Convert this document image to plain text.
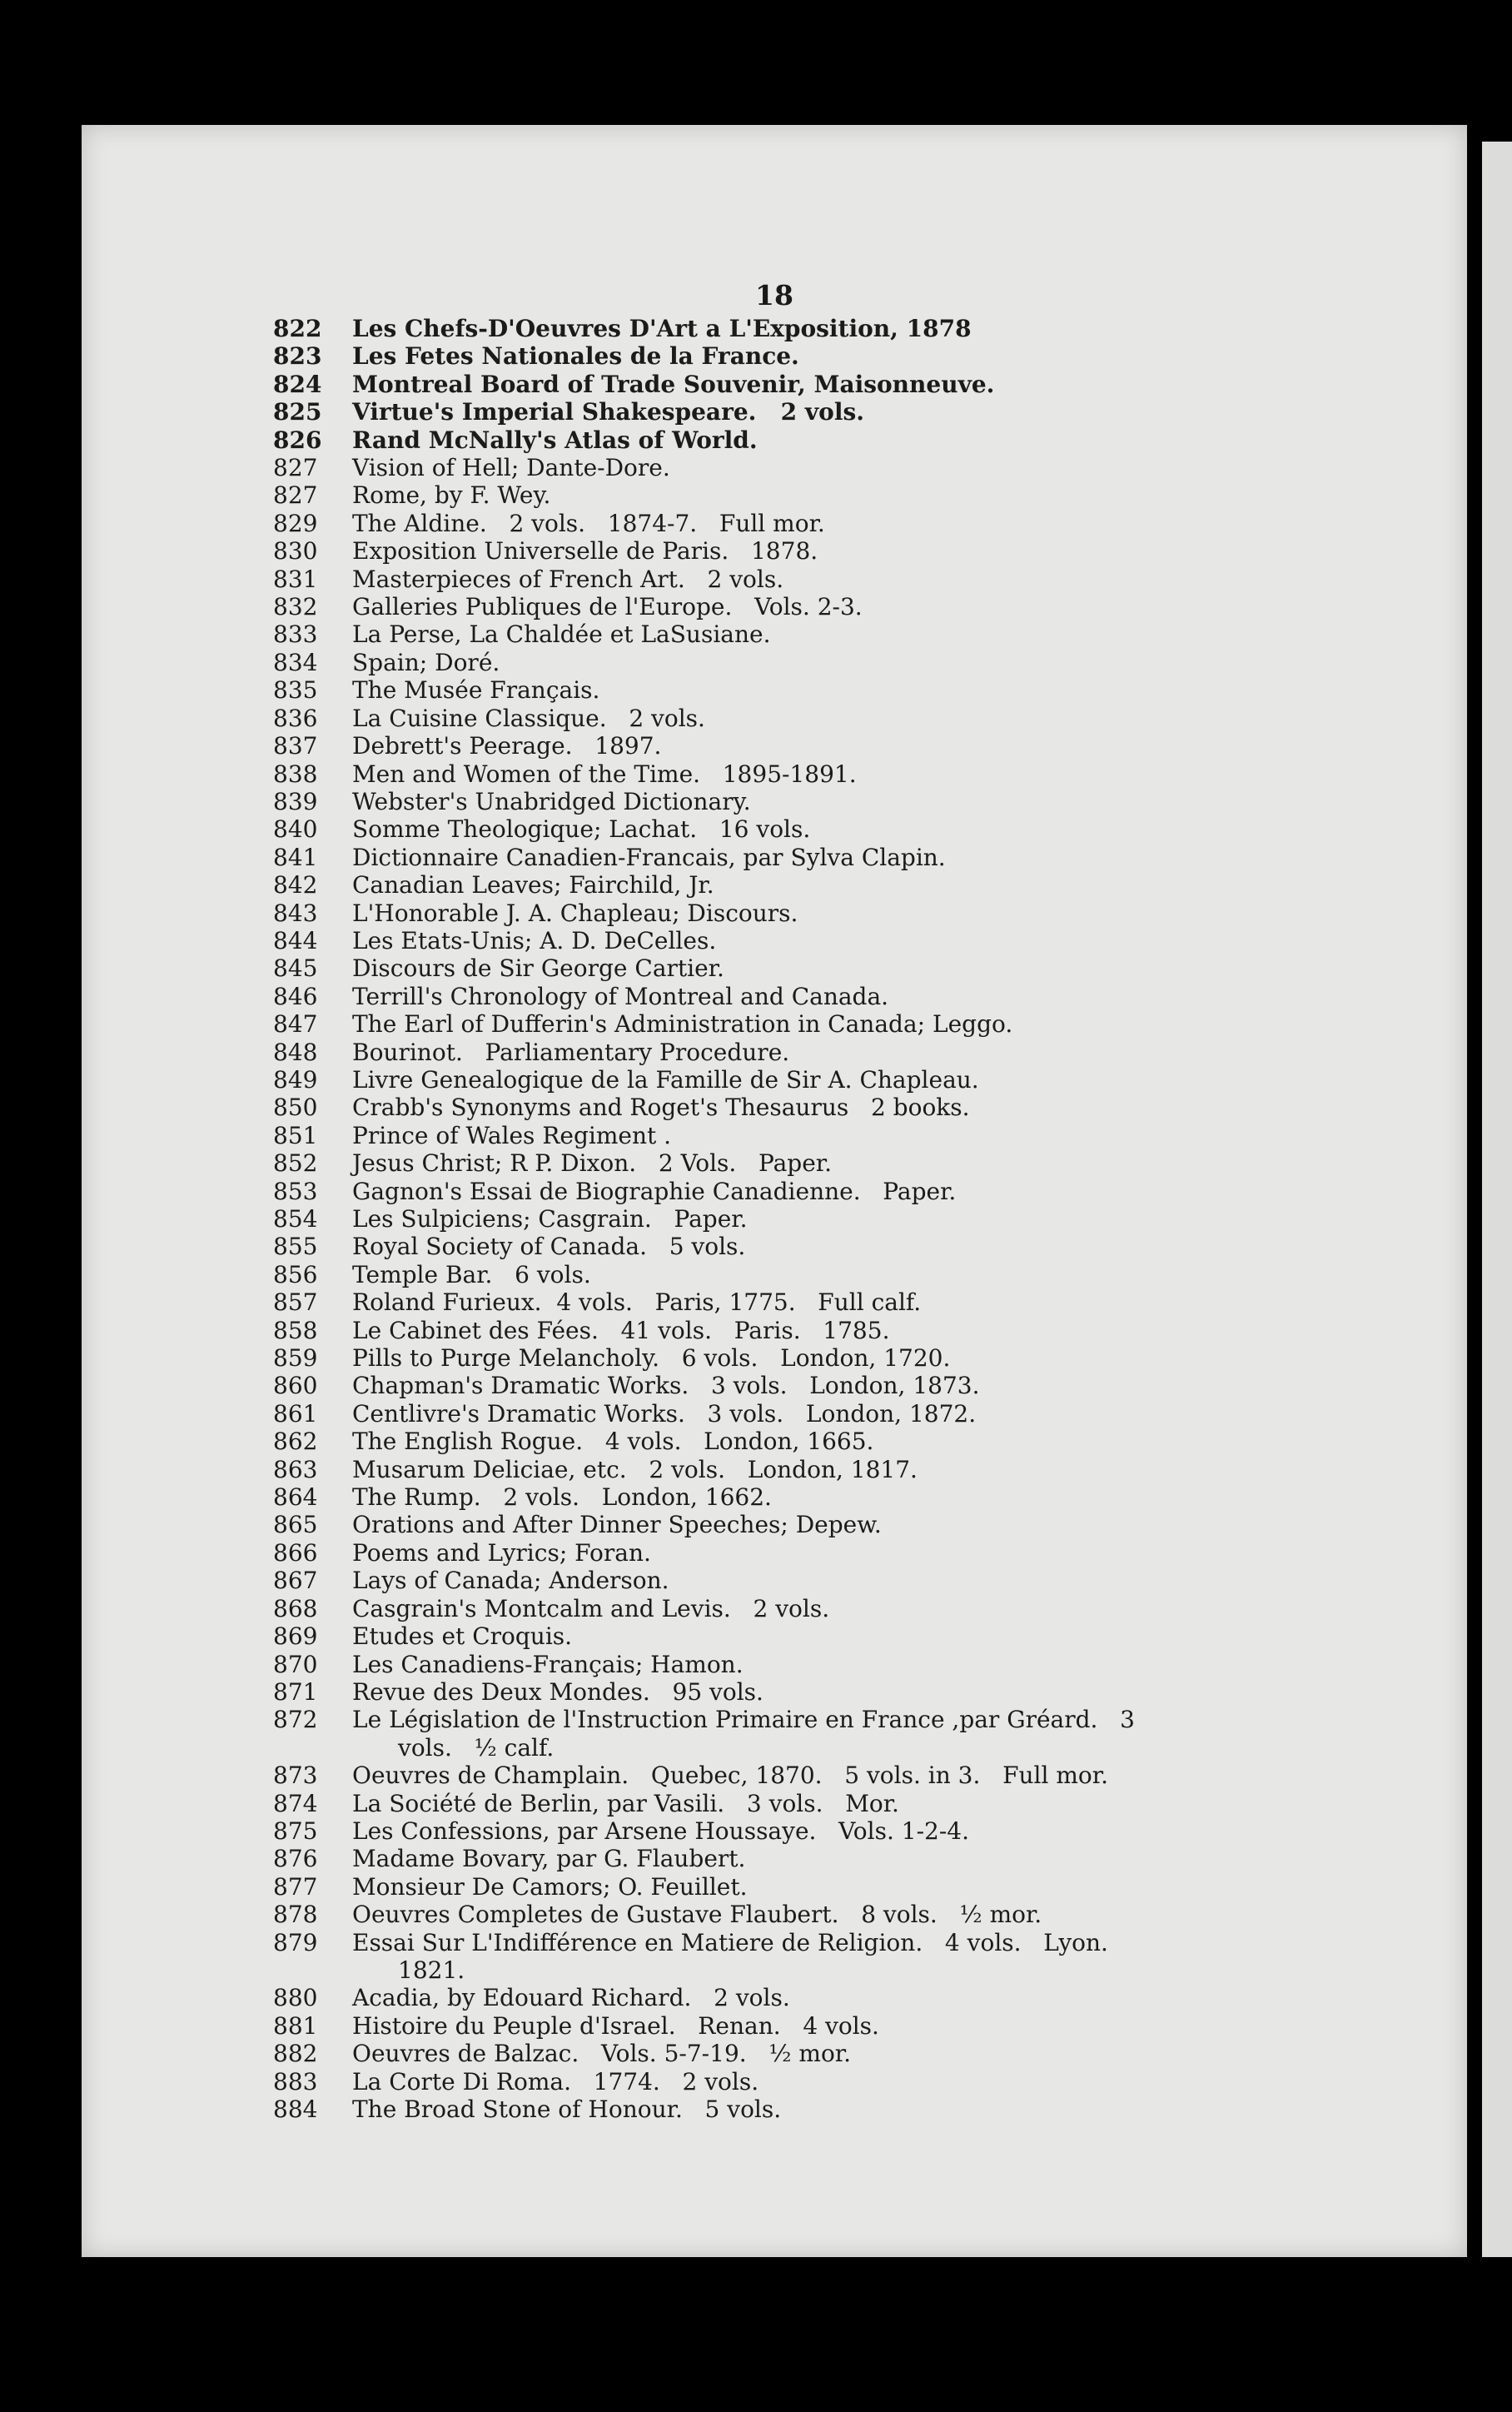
18
822	Les Chefs-D'Oeuvres D'Art a L'Exposition, 1878
823	Les Fetes Nationales de la France.
824	Montreal Board of Trade Souvenir, Maisonneuve.
825	Virtue's Imperial Shakespeare.   2 vols.
826	Rand McNally's Atlas of World.
827	Vision of Hell; Dante-Dore.
827	Rome, by F. Wey.
829	The Aldine.   2 vols.   1874-7.   Full mor.
830	Exposition Universelle de Paris.   1878.
831	Masterpieces of French Art.   2 vols.
832	Galleries Publiques de l'Europe.   Vols. 2-3.
833	La Perse, La Chaldée et LaSusiane.
834	Spain; Doré.
835	The Musée Français.
836	La Cuisine Classique.   2 vols.
837	Debrett's Peerage.   1897.
838	Men and Women of the Time.   1895-1891.
839	Webster's Unabridged Dictionary.
840	Somme Theologique; Lachat.   16 vols.
841	Dictionnaire Canadien-Francais, par Sylva Clapin.
842	Canadian Leaves; Fairchild, Jr.
843	L'Honorable J. A. Chapleau; Discours.
844	Les Etats-Unis; A. D. DeCelles.
845	Discours de Sir George Cartier.
846	Terrill's Chronology of Montreal and Canada.
847	The Earl of Dufferin's Administration in Canada; Leggo.
848	Bourinot.   Parliamentary Procedure.
849	Livre Genealogique de la Famille de Sir A. Chapleau.
850	Crabb's Synonyms and Roget's Thesaurus   2 books.
851	Prince of Wales Regiment .
852	Jesus Christ; R P. Dixon.   2 Vols.   Paper.
853	Gagnon's Essai de Biographie Canadienne.   Paper.
854	Les Sulpiciens; Casgrain.   Paper.
855	Royal Society of Canada.   5 vols.
856	Temple Bar.   6 vols.
857	Roland Furieux.  4 vols.   Paris, 1775.   Full calf.
858	Le Cabinet des Fées.   41 vols.   Paris.   1785.
859	Pills to Purge Melancholy.   6 vols.   London, 1720.
860	Chapman's Dramatic Works.   3 vols.   London, 1873.
861	Centlivre's Dramatic Works.   3 vols.   London, 1872.
862	The English Rogue.   4 vols.   London, 1665.
863	Musarum Deliciae, etc.   2 vols.   London, 1817.
864	The Rump.   2 vols.   London, 1662.
865	Orations and After Dinner Speeches; Depew.
866	Poems and Lyrics; Foran.
867	Lays of Canada; Anderson.
868	Casgrain's Montcalm and Levis.   2 vols.
869	Etudes et Croquis.
870	Les Canadiens-Français; Hamon.
871	Revue des Deux Mondes.   95 vols.
872	Le Législation de l'Instruction Primaire en France ,par Gréard.   3
vols.   ½ calf.
873	Oeuvres de Champlain.   Quebec, 1870.   5 vols. in 3.   Full mor.
874	La Société de Berlin, par Vasili.   3 vols.   Mor.
875	Les Confessions, par Arsene Houssaye.   Vols. 1-2-4.
876	Madame Bovary, par G. Flaubert.
877	Monsieur De Camors; O. Feuillet.
878	Oeuvres Completes de Gustave Flaubert.   8 vols.   ½ mor.
879	Essai Sur L'Indifférence en Matiere de Religion.   4 vols.   Lyon.
1821.
880	Acadia, by Edouard Richard.   2 vols.
881	Histoire du Peuple d'Israel.   Renan.   4 vols.
882	Oeuvres de Balzac.   Vols. 5-7-19.   ½ mor.
883	La Corte Di Roma.   1774.   2 vols.
884	The Broad Stone of Honour.   5 vols.
